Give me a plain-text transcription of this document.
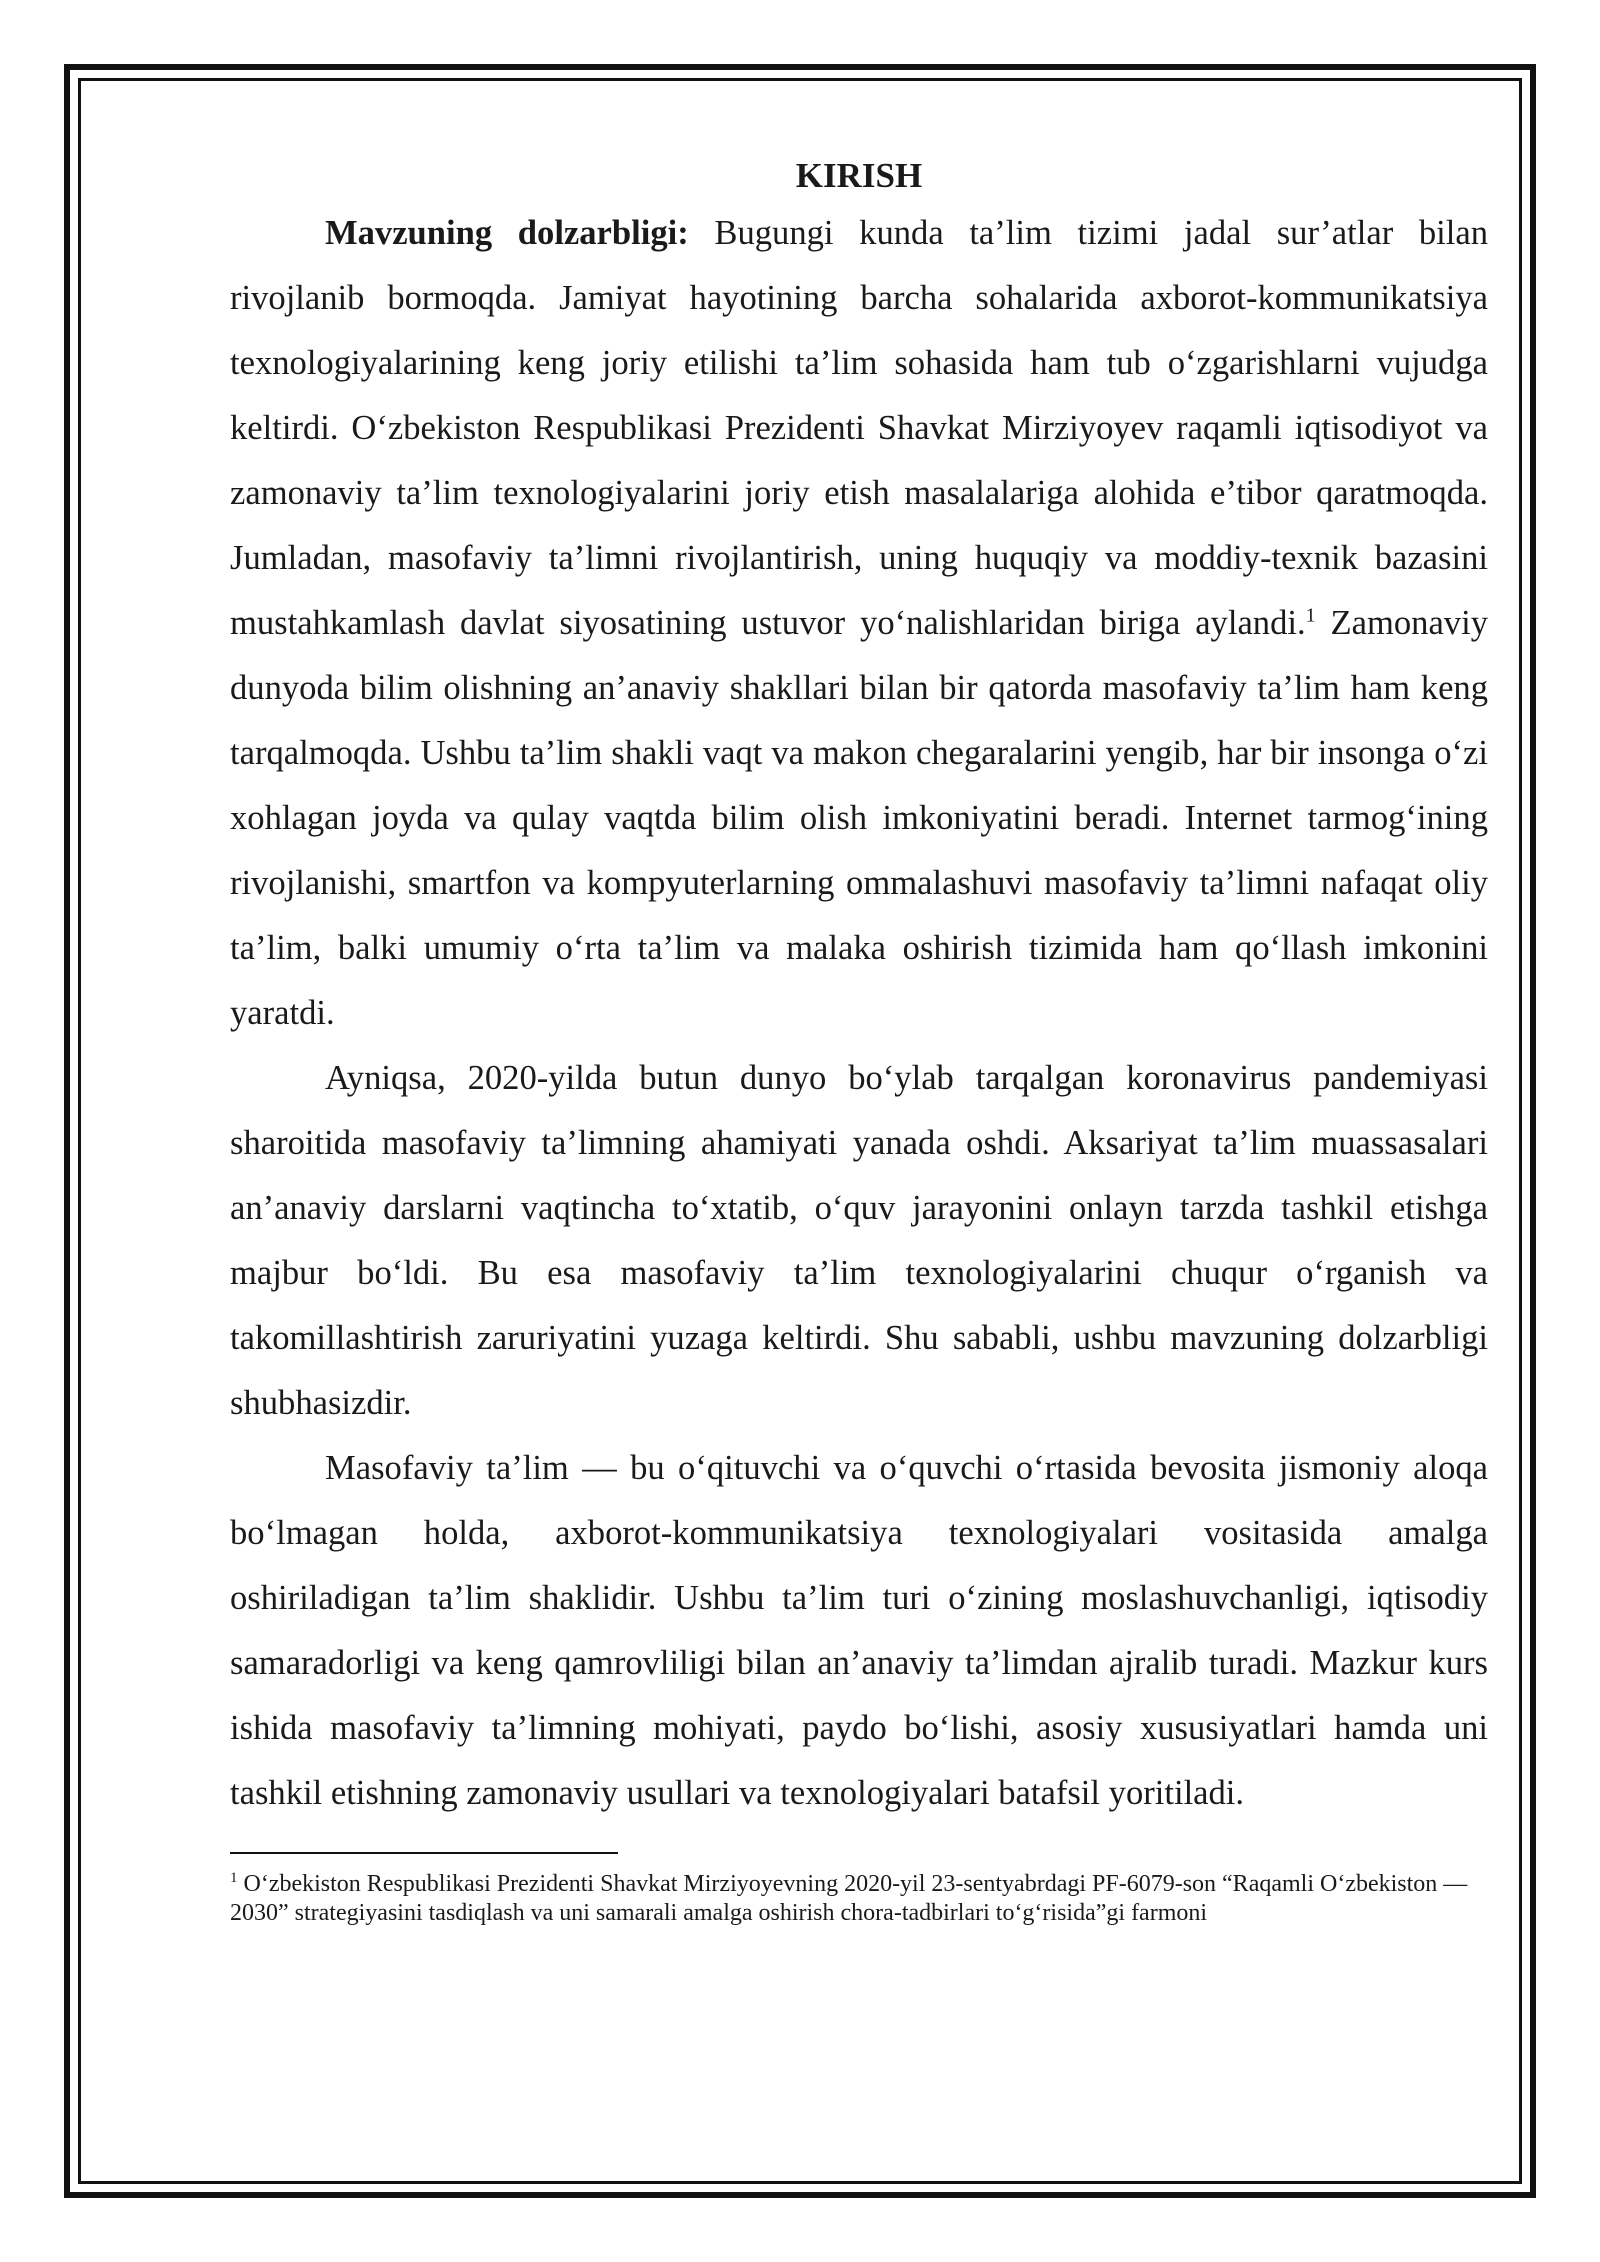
KIRISH

Mavzuning dolzarbligi: Bugungi kunda ta’lim tizimi jadal sur’atlar bilan rivojlanib bormoqda. Jamiyat hayotining barcha sohalarida axborot-kommunikatsiya texnologiyalarining keng joriy etilishi ta’lim sohasida ham tub o‘zgarishlarni vujudga keltirdi. O‘zbekiston Respublikasi Prezidenti Shavkat Mirziyoyev raqamli iqtisodiyot va zamonaviy ta’lim texnologiyalarini joriy etish masalalariga alohida e’tibor qaratmoqda. Jumladan, masofaviy ta’limni rivojlantirish, uning huquqiy va moddiy-texnik bazasini mustahkamlash davlat siyosatining ustuvor yo‘nalishlaridan biriga aylandi.$^1$ Zamonaviy dunyoda bilim olishning an’anaviy shakllari bilan bir qatorda masofaviy ta’lim ham keng tarqalmoqda. Ushbu ta’lim shakli vaqt va makon chegaralarini yengib, har bir insonga o‘zi xohlagan joyda va qulay vaqtda bilim olish imkoniyatini beradi. Internet tarmog‘ining rivojlanishi, smartfon va kompyuterlarning ommalashuvi masofaviy ta’limni nafaqat oliy ta’lim, balki umumiy o‘rta ta’lim va malaka oshirish tizimida ham qo‘llash imkonini yaratdi.

Ayniqsa, 2020-yilda butun dunyo bo‘ylab tarqalgan koronavirus pandemiyasi sharoitida masofaviy ta’limning ahamiyati yanada oshdi. Aksariyat ta’lim muassasalari an’anaviy darslarni vaqtincha to‘xtatib, o‘quv jarayonini onlayn tarzda tashkil etishga majbur bo‘ldi. Bu esa masofaviy ta’lim texnologiyalarini chuqur o‘rganish va takomillashtirish zaruriyatini yuzaga keltirdi. Shu sababli, ushbu mavzuning dolzarbligi shubhasizdir.

Masofaviy ta’lim — bu o‘qituvchi va o‘quvchi o‘rtasida bevosita jismoniy aloqa bo‘lmagan holda, axborot-kommunikatsiya texnologiyalari vositasida amalga oshiriladigan ta’lim shaklidir. Ushbu ta’lim turi o‘zining moslashuvchanligi, iqtisodiy samaradorligi va keng qamrovliligi bilan an’anaviy ta’limdan ajralib turadi. Mazkur kurs ishida masofaviy ta’limning mohiyati, paydo bo‘lishi, asosiy xususiyatlari hamda uni tashkil etishning zamonaviy usullari va texnologiyalari batafsil yoritiladi.

$^1$ O‘zbekiston Respublikasi Prezidenti Shavkat Mirziyoyevning 2020-yil 23-sentyabrdagi PF-6079-son “Raqamli O‘zbekiston — 2030” strategiyasini tasdiqlash va uni samarali amalga oshirish chora-tadbirlari to‘g‘risida”gi farmoni
